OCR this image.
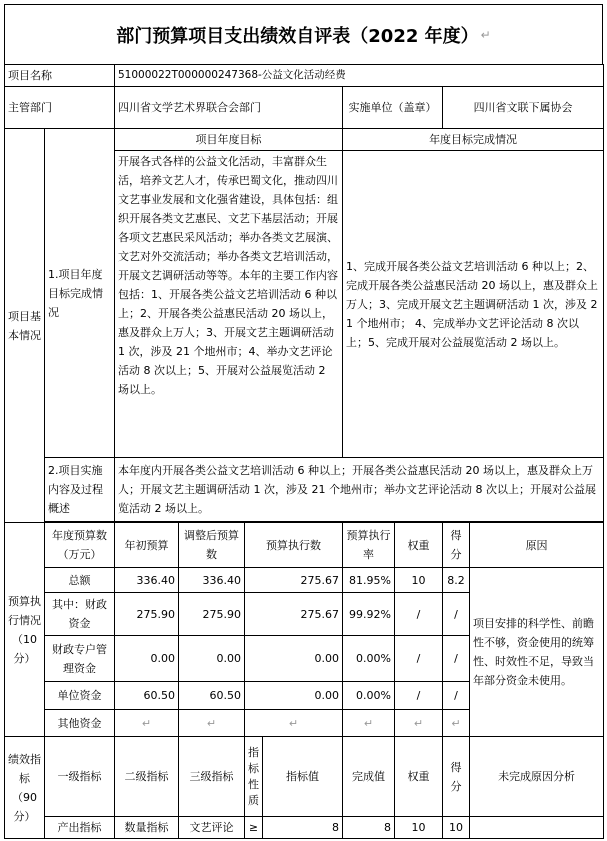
部门预算项目支出绩效自评表（2022 年度） ↵
项目名称		51000022T000000247368-公益文化活动经费							
主管部门		四川省文学艺术界联合会部门				实施单位（盖章）		四川省文联下属协会	
项目基本情况	1.项目年度目标完成情况	项目年度目标				年度目标完成情况			
		开展各式各样的公益文化活动，丰富群众生活，培养文艺人才，传承巴蜀文化，推动四川文艺事业发展和文化强省建设，具体包括：组织开展各类文艺惠民、文艺下基层活动；开展各项文艺惠民采风活动；举办各类文艺展演、文艺对外交流活动；举办各类文艺培训活动，开展文艺调研活动等等。本年的主要工作内容包括：1、开展各类公益文艺培训活动 6 种以上；2、开展各类公益惠民活动 20 场以上，惠及群众上万人；3、开展文艺主题调研活动 1 次，涉及 21 个地州市；4、举办文艺评论活动 8 次以上；5、开展对公益展览活动 2 场以上。				1、完成开展各类公益文艺培训活动 6 种以上；2、完成开展各类公益惠民活动 20 场以上，惠及群众上万人；3、完成开展文艺主题调研活动 1 次，涉及 21 个地州市； 4、完成举办文艺评论活动 8 次以上；5、完成开展对公益展览活动 2 场以上。			
	2.项目实施内容及过程概述	本年度内开展各类公益文艺培训活动 6 种以上；开展各类公益惠民活动 20 场以上，惠及群众上万人；开展文艺主题调研活动 1 次，涉及 21 个地州市；举办文艺评论活动 8 次以上；开展对公益展览活动 2 场以上。							

预算执行情况（10分）	年度预算数（万元）	年初预算	调整后预算数	预算执行数		预算执行率	权重	得分	原因
	总额	336.40	336.40	275.67		81.95%	10	8.2	项目安排的科学性、前瞻性不够，资金使用的统筹性、时效性不足，导致当年部分资金未使用。
	其中：财政资金	275.90	275.90	275.67		99.92%	/	/	
	财政专户管理资金	0.00	0.00	0.00		0.00%	/	/	
	单位资金	60.50	60.50	0.00		0.00%	/	/	
	其他资金	↵	↵	↵		↵	↵	↵	
绩效指标（90分）	一级指标	二级指标	三级指标	指标性质	指标值	完成值	权重	得分	未完成原因分析
	产出指标	数量指标	文艺评论	≥	8	8	10	10	
